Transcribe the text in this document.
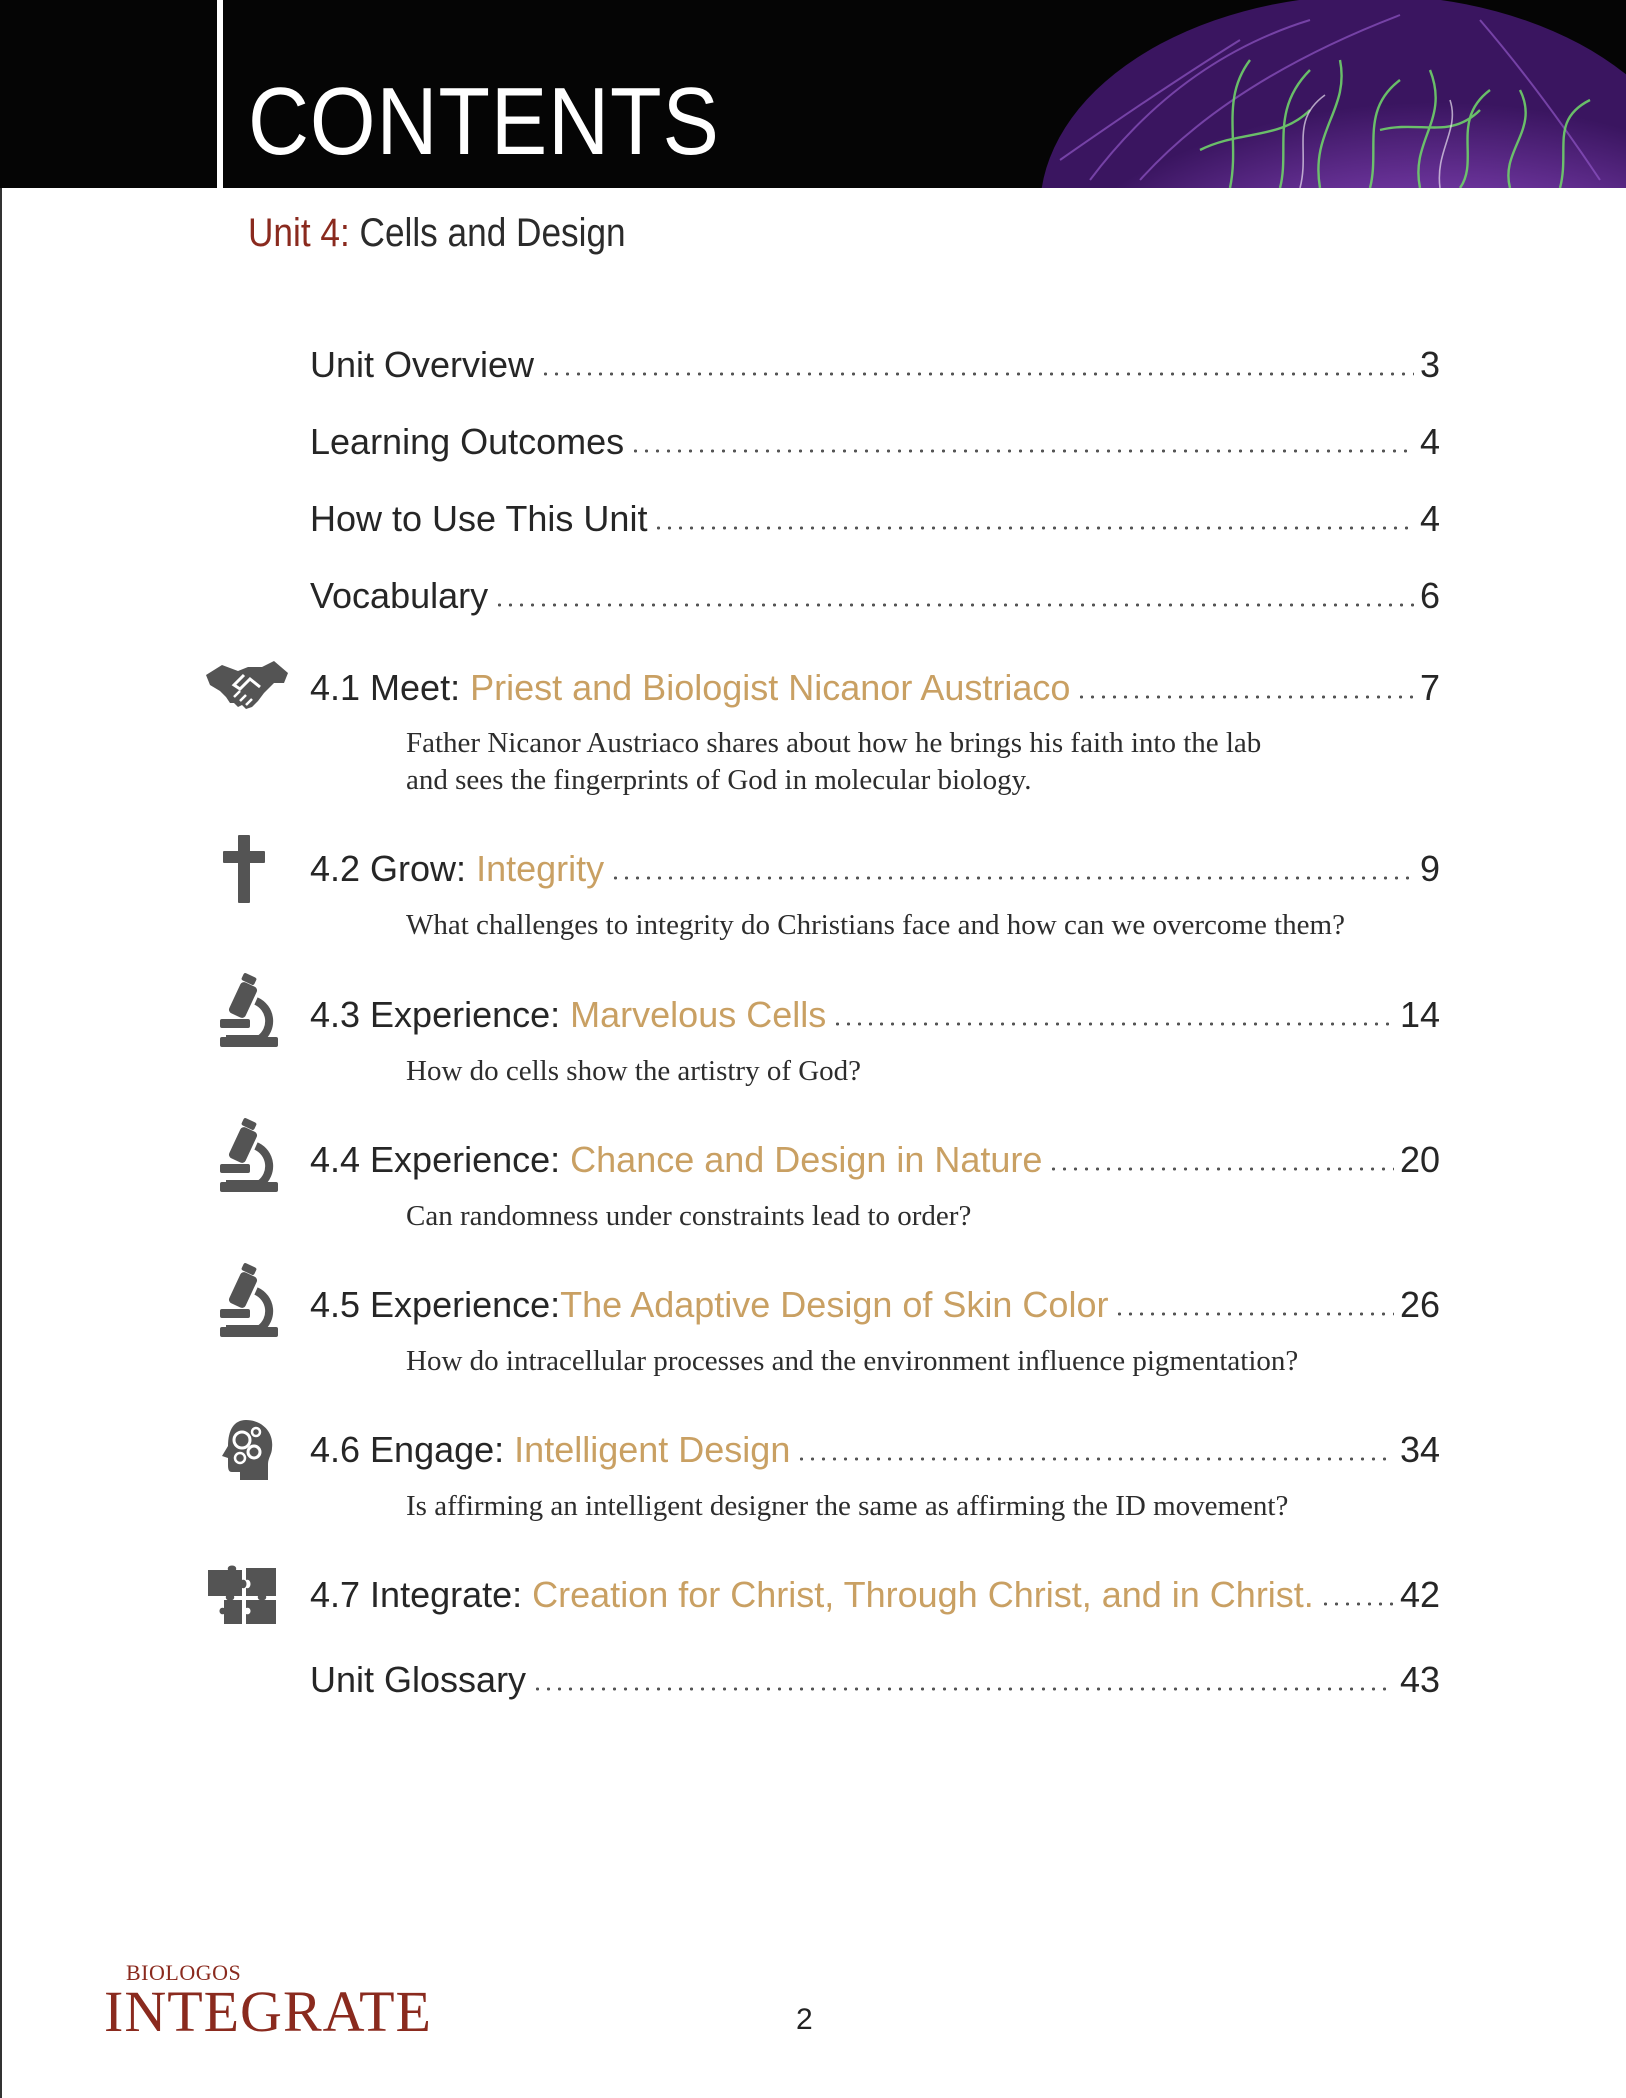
CONTENTS
Unit 4: Cells and Design
Unit Overview	3
Learning Outcomes	4
How to Use This Unit	4
Vocabulary	6
4.1 Meet: Priest and Biologist Nicanor Austriaco	7
Father Nicanor Austriaco shares about how he brings his faith into the lab
and sees the fingerprints of God in molecular biology.
4.2 Grow: Integrity	9
What challenges to integrity do Christians face and how can we overcome them?
4.3 Experience: Marvelous Cells	14
How do cells show the artistry of God?
4.4 Experience: Chance and Design in Nature	20
Can randomness under constraints lead to order?
4.5 Experience:The Adaptive Design of Skin Color	26
How do intracellular processes and the environment influence pigmentation?
4.6 Engage: Intelligent Design	34
Is affirming an intelligent designer the same as affirming the ID movement?
4.7 Integrate: Creation for Christ, Through Christ, and in Christ. 42
Unit Glossary	43
BIOLOGOS
INTEGRATE	2
